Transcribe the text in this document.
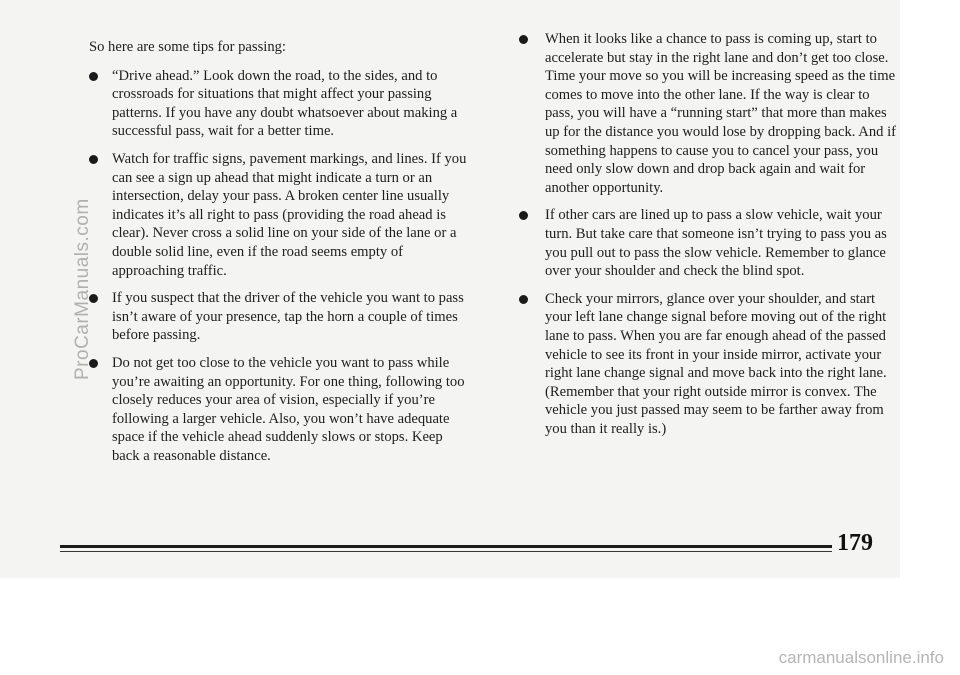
So here are some tips for passing:

“Drive ahead.” Look down the road, to the sides, and to crossroads for situations that might affect your passing patterns. If you have any doubt whatsoever about making a successful pass, wait for a better time.
Watch for traffic signs, pavement markings, and lines. If you can see a sign up ahead that might indicate a turn or an intersection, delay your pass. A broken center line usually indicates it’s all right to pass (providing the road ahead is clear). Never cross a solid line on your side of the lane or a double solid line, even if the road seems empty of approaching traffic.
If you suspect that the driver of the vehicle you want to pass isn’t aware of your presence, tap the horn a couple of times before passing.
Do not get too close to the vehicle you want to pass while you’re awaiting an opportunity. For one thing, following too closely reduces your area of vision, especially if you’re following a larger vehicle. Also, you won’t have adequate space if the vehicle ahead suddenly slows or stops. Keep back a reasonable distance.
When it looks like a chance to pass is coming up, start to accelerate but stay in the right lane and don’t get too close. Time your move so you will be increasing speed as the time comes to move into the other lane. If the way is clear to pass, you will have a “running start” that more than makes up for the distance you would lose by dropping back. And if something happens to cause you to cancel your pass, you need only slow down and drop back again and wait for another opportunity.
If other cars are lined up to pass a slow vehicle, wait your turn. But take care that someone isn’t trying to pass you as you pull out to pass the slow vehicle. Remember to glance over your shoulder and check the blind spot.
Check your mirrors, glance over your shoulder, and start your left lane change signal before moving out of the right lane to pass. When you are far enough ahead of the passed vehicle to see its front in your inside mirror, activate your right lane change signal and move back into the right lane. (Remember that your right outside mirror is convex. The vehicle you just passed may seem to be farther away from you than it really is.)
179
ProCarManuals.com
carmanualsonline.info
